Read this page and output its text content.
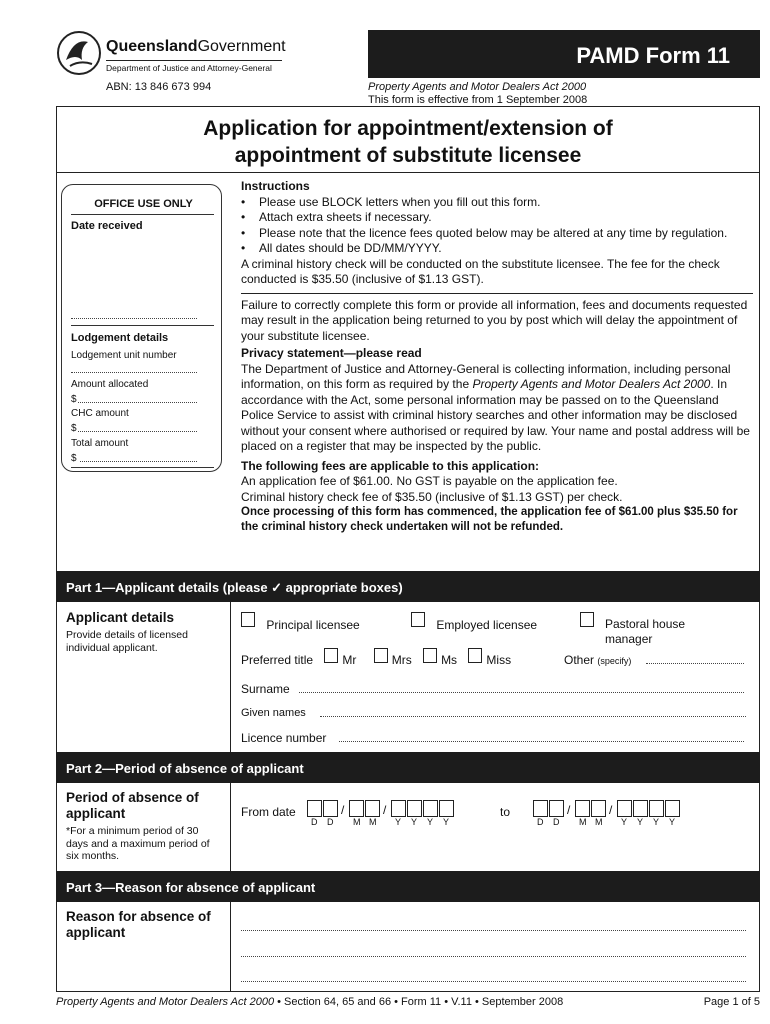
QueenslandGovernment
Department of Justice and Attorney-General
ABN: 13 846 673 994
PAMD Form 11
Property Agents and Motor Dealers Act 2000
This form is effective from 1 September 2008
Application for appointment/extension of
appointment of substitute licensee
OFFICE USE ONLY
Date received
Lodgement details
Lodgement unit number
Amount allocated
$
CHC amount
$
Total amount
$
Instructions
•	Please use BLOCK letters when you fill out this form.
•	Attach extra sheets if necessary.
•	Please note that the licence fees quoted below may be altered at any time by regulation.
•	All dates should be DD/MM/YYYY.
A criminal history check will be conducted on the substitute licensee. The fee for the check conducted is $35.50 (inclusive of $1.13 GST).
Failure to correctly complete this form or provide all information, fees and documents requested may result in the application being returned to you by post which will delay the appointment of your substitute licensee.
Privacy statement—please read
The Department of Justice and Attorney-General is collecting information, including personal information, on this form as required by the Property Agents and Motor Dealers Act 2000. In accordance with the Act, some personal information may be passed on to the Queensland Police Service to assist with criminal history searches and other information may be disclosed without your consent where authorised or required by law. Your name and postal address will be placed on a register that may be inspected by the public.
The following fees are applicable to this application:
An application fee of $61.00. No GST is payable on the application fee.
Criminal history check fee of $35.50 (inclusive of $1.13 GST) per check.
Once processing of this form has commenced, the application fee of $61.00 plus $35.50 for the criminal history check undertaken will not be refunded.
Part 1—Applicant details (please ✓ appropriate boxes)
Applicant details
Provide details of licensed individual applicant.
Principal licensee	Employed licensee	Pastoral house manager
Preferred title Mr	Mrs Ms Miss	Other (specify)
Surname
Given names
Licence number
Part 2—Period of absence of applicant
Period of absence of applicant
*For a minimum period of 30 days and a maximum period of six months.
From date
D D
/
M M
/
Y Y Y Y
to
D D
/
M M
/
Y Y Y Y
Part 3—Reason for absence of applicant
Reason for absence of applicant
Property Agents and Motor Dealers Act 2000 • Section 64, 65 and 66 • Form 11 • V.11 • September 2008	Page 1 of 5
